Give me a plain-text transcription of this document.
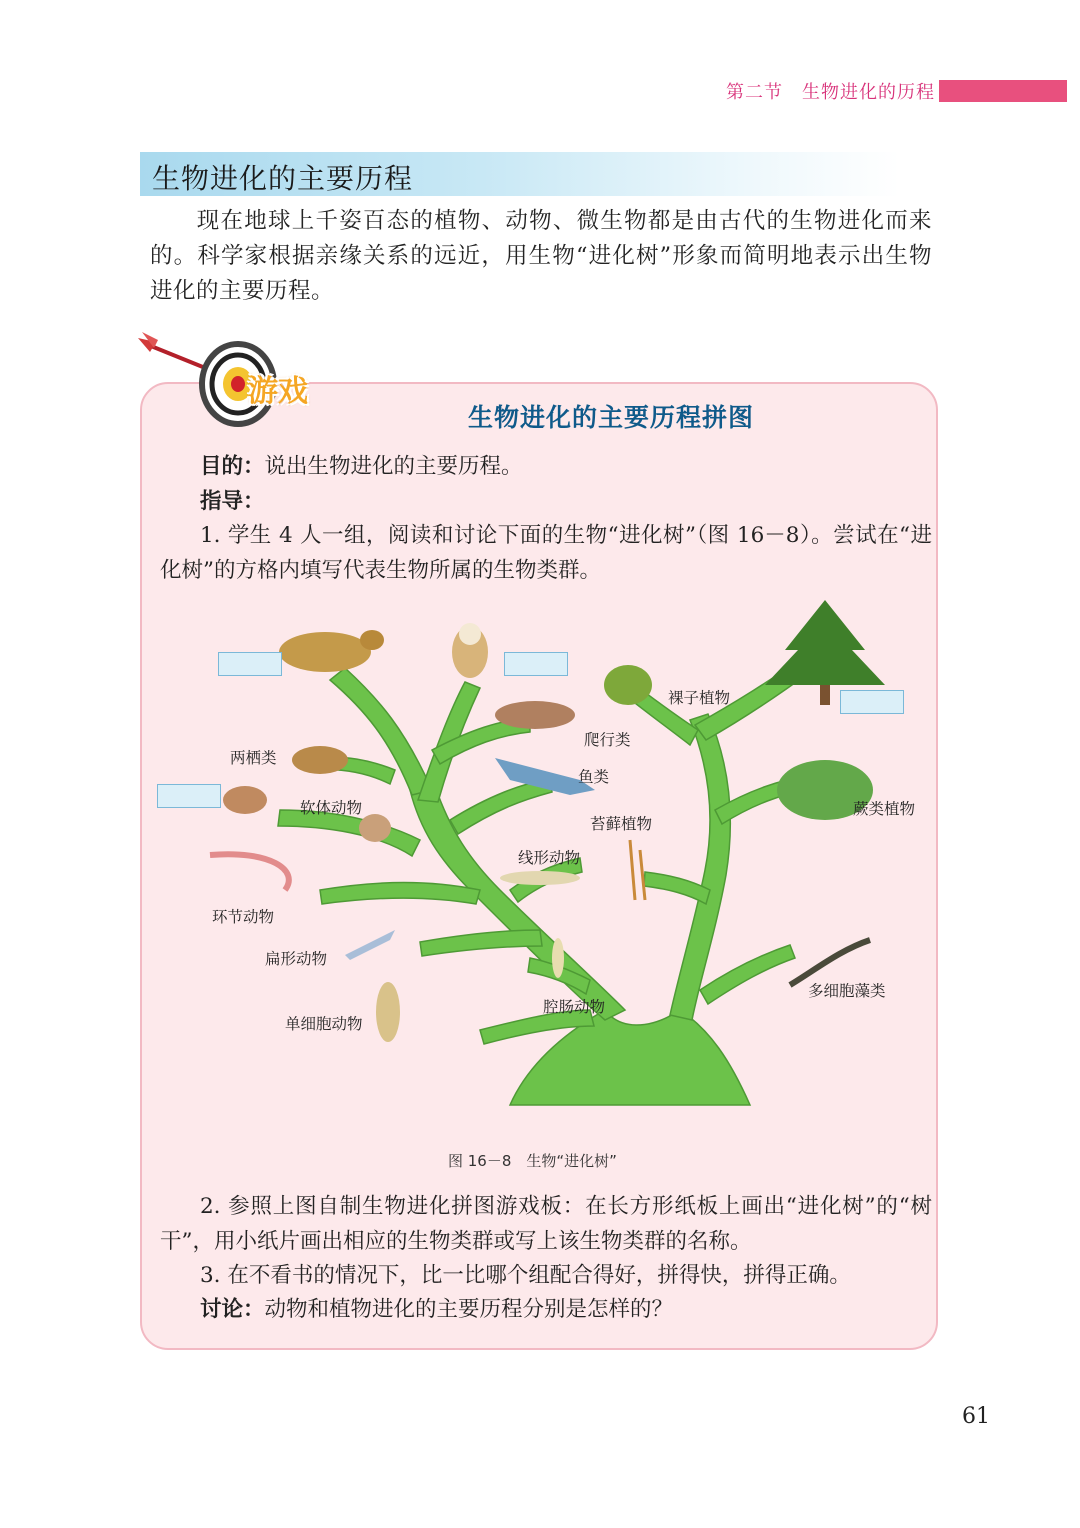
第二节　生物进化的历程
生物进化的主要历程
现在地球上千姿百态的植物、动物、微生物都是由古代的生物进化而来的。科学家根据亲缘关系的远近，用生物“进化树”形象而简明地表示出生物进化的主要历程。
游戏
生物进化的主要历程拼图
目的：说出生物进化的主要历程。
指导：
1. 学生 4 人一组，阅读和讨论下面的生物“进化树”（图 16－8）。尝试在“进化树”的方格内填写代表生物所属的生物类群。
裸子植物
爬行类
两栖类
鱼类
软体动物	蕨类植物
苔藓植物
线形动物
环节动物
扁形动物
多细胞藻类
腔肠动物
单细胞动物
图 16－8　生物“进化树”
2. 参照上图自制生物进化拼图游戏板：在长方形纸板上画出“进化树”的“树干”，用小纸片画出相应的生物类群或写上该生物类群的名称。
3. 在不看书的情况下，比一比哪个组配合得好，拼得快，拼得正确。
讨论：动物和植物进化的主要历程分别是怎样的？
61
